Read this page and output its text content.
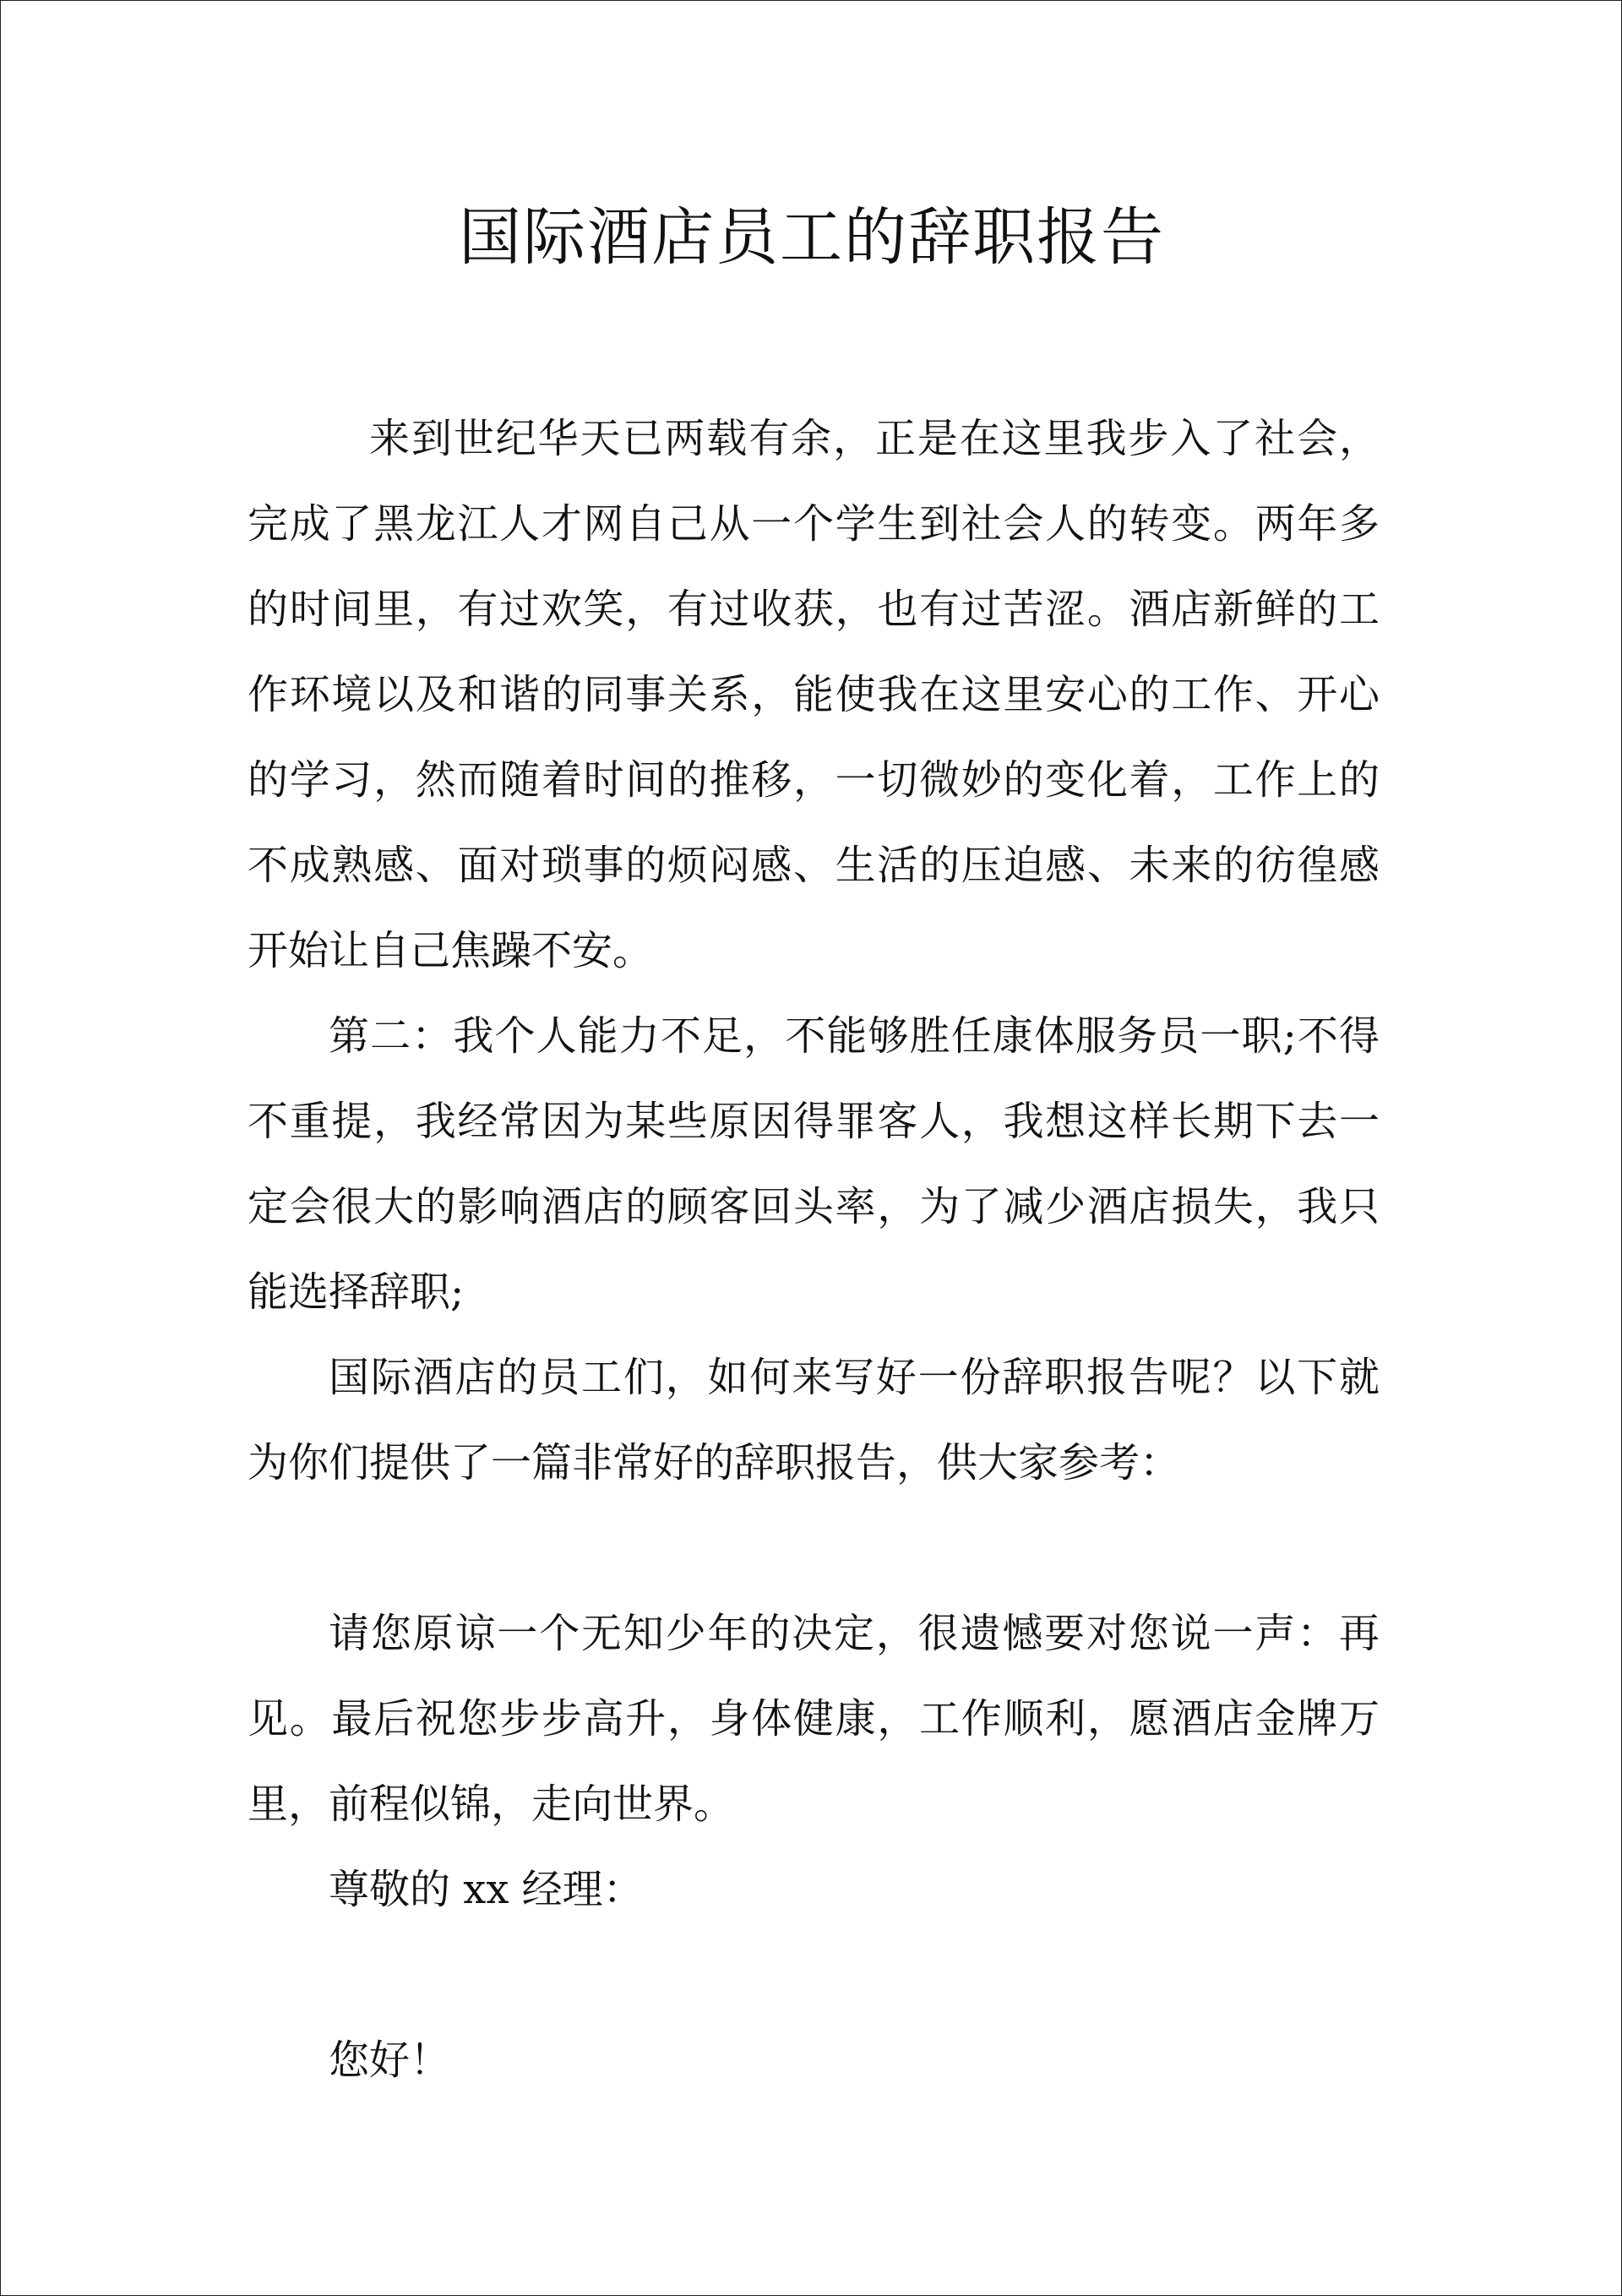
国际酒店员工的辞职报告

来到世纪华天已两载有余，正是在这里我步入了社会，完成了黑龙江人才网自己从一个学生到社会人的转变。两年多的时间里，有过欢笑，有过收获，也有过苦涩。酒店新鲜的工作环境以及和谐的同事关系，能使我在这里安心的工作、开心的学习，然而随着时间的推移，一切微妙的变化着，工作上的不成熟感、面对琐事的烦闷感、生活的压迫感、未来的彷徨感开始让自己焦躁不安。

第二：我个人能力不足，不能够胜任康体服务员一职;不得不重提，我经常因为某些原因得罪客人，我想这样长期下去一定会很大的影响酒店的顾客回头率，为了减少酒店损失，我只能选择辞职;

国际酒店的员工们，如何来写好一份辞职报告呢？以下就为你们提供了一篇非常好的辞职报告，供大家参考：

请您原谅一个无知少年的决定，很遗憾要对您说一声：再见。最后祝您步步高升，身体健康，工作顺利，愿酒店金牌万里，前程似锦，走向世界。

尊敬的 xx 经理：

您好！
